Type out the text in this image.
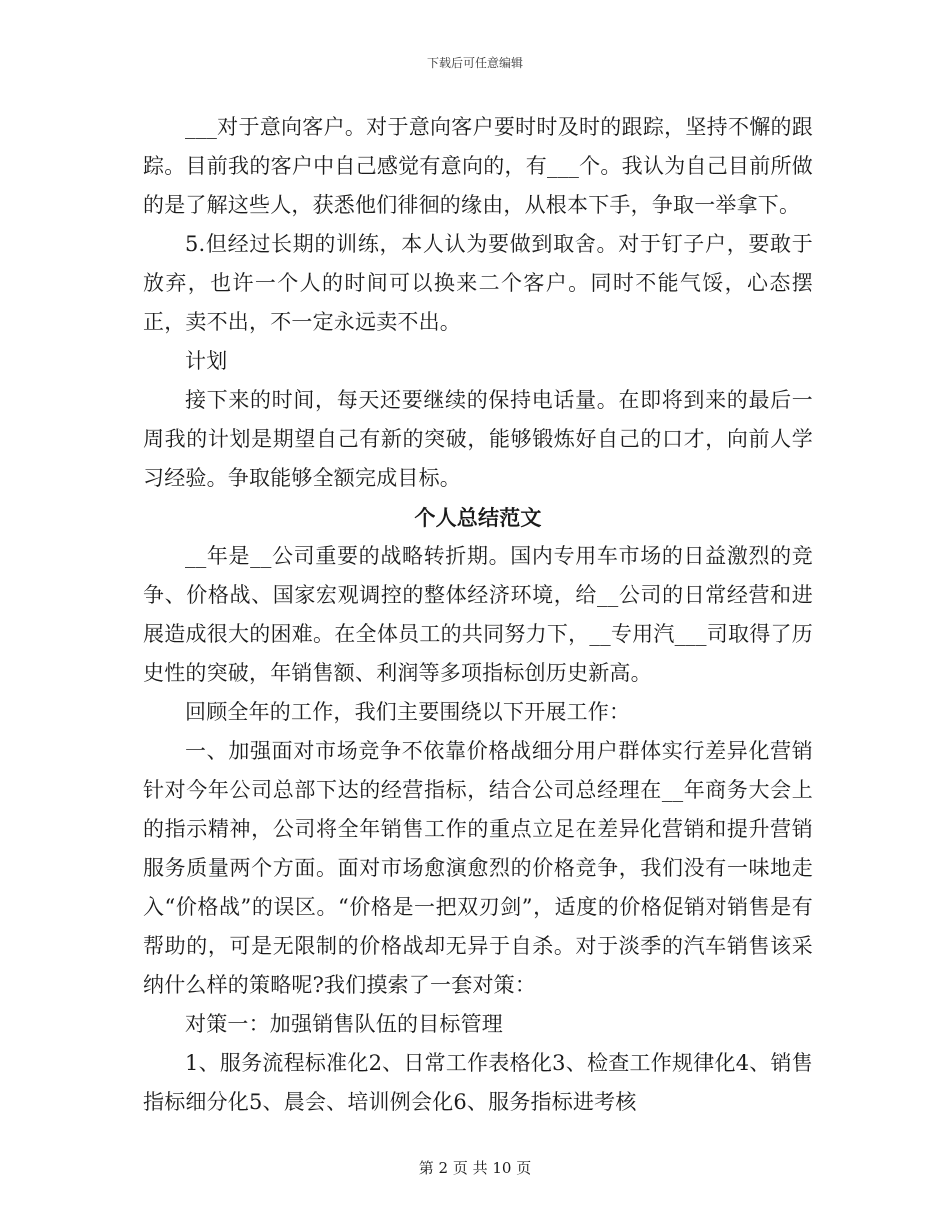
下载后可任意编辑

___对于意向客户。对于意向客户要时时及时的跟踪，坚持不懈的跟踪。目前我的客户中自己感觉有意向的，有___个。我认为自己目前所做的是了解这些人，获悉他们徘徊的缘由，从根本下手，争取一举拿下。

5.但经过长期的训练，本人认为要做到取舍。对于钉子户，要敢于放弃，也许一个人的时间可以换来二个客户。同时不能气馁，心态摆正，卖不出，不一定永远卖不出。

计划

接下来的时间，每天还要继续的保持电话量。在即将到来的最后一周我的计划是期望自己有新的突破，能够锻炼好自己的口才，向前人学习经验。争取能够全额完成目标。

个人总结范文

__年是__公司重要的战略转折期。国内专用车市场的日益激烈的竞争、价格战、国家宏观调控的整体经济环境，给__公司的日常经营和进展造成很大的困难。在全体员工的共同努力下，__专用汽___司取得了历史性的突破，年销售额、利润等多项指标创历史新高。

回顾全年的工作，我们主要围绕以下开展工作：

一、加强面对市场竞争不依靠价格战细分用户群体实行差异化营销针对今年公司总部下达的经营指标，结合公司总经理在__年商务大会上的指示精神，公司将全年销售工作的重点立足在差异化营销和提升营销服务质量两个方面。面对市场愈演愈烈的价格竞争，我们没有一味地走入“价格战”的误区。“价格是一把双刃剑”，适度的价格促销对销售是有帮助的，可是无限制的价格战却无异于自杀。对于淡季的汽车销售该采纳什么样的策略呢?我们摸索了一套对策：

对策一：加强销售队伍的目标管理

1、服务流程标准化2、日常工作表格化3、检查工作规律化4、销售指标细分化5、晨会、培训例会化6、服务指标进考核

第 2 页 共 10 页
